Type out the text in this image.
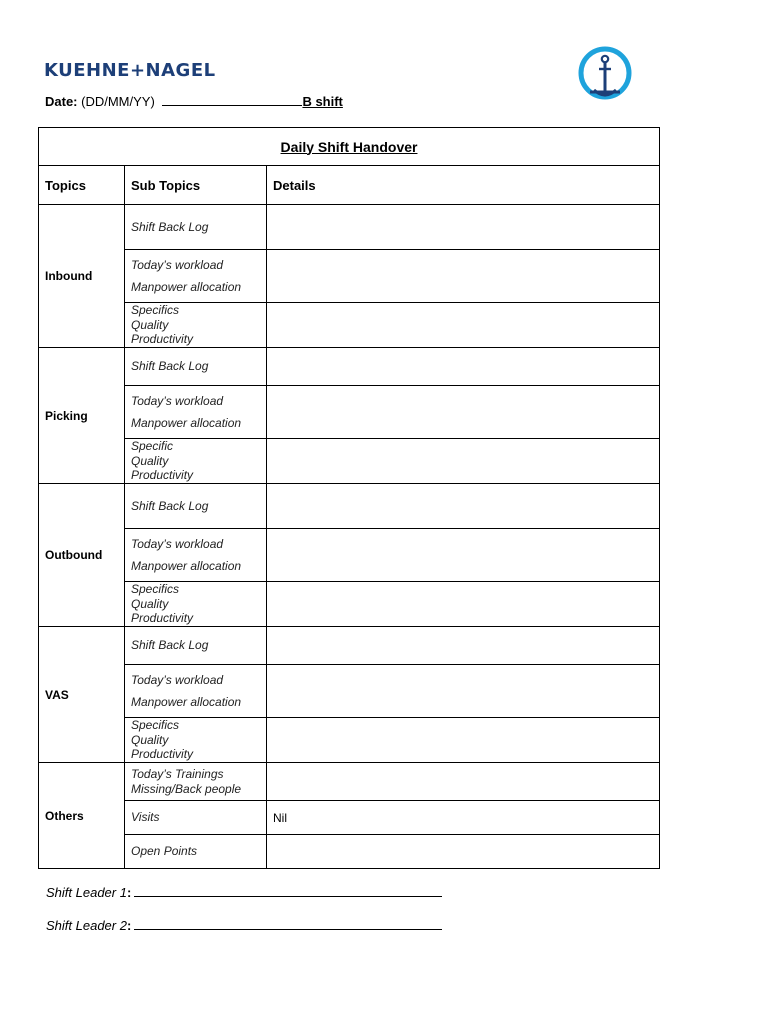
KUEHNE+NAGEL
Date: (DD/MM/YY)	B shift
Daily Shift Handover		
Topics	Sub Topics	Details
Inbound	Shift Back Log	

	Today’s workload
Manpower allocation	

	Specifics
Quality
Productivity	

Picking	Shift Back Log	

	Today’s workload
Manpower allocation	

	Specific
Quality
Productivity	

Outbound	Shift Back Log	

	Today’s workload
Manpower allocation	

	Specifics
Quality
Productivity	

VAS	Shift Back Log	

	Today’s workload
Manpower allocation	

	Specifics
Quality
Productivity	

Others	Today’s Trainings
Missing/Back people	

	Visits	Nil

	Open Points	

Shift Leader 1:
Shift Leader 2:
